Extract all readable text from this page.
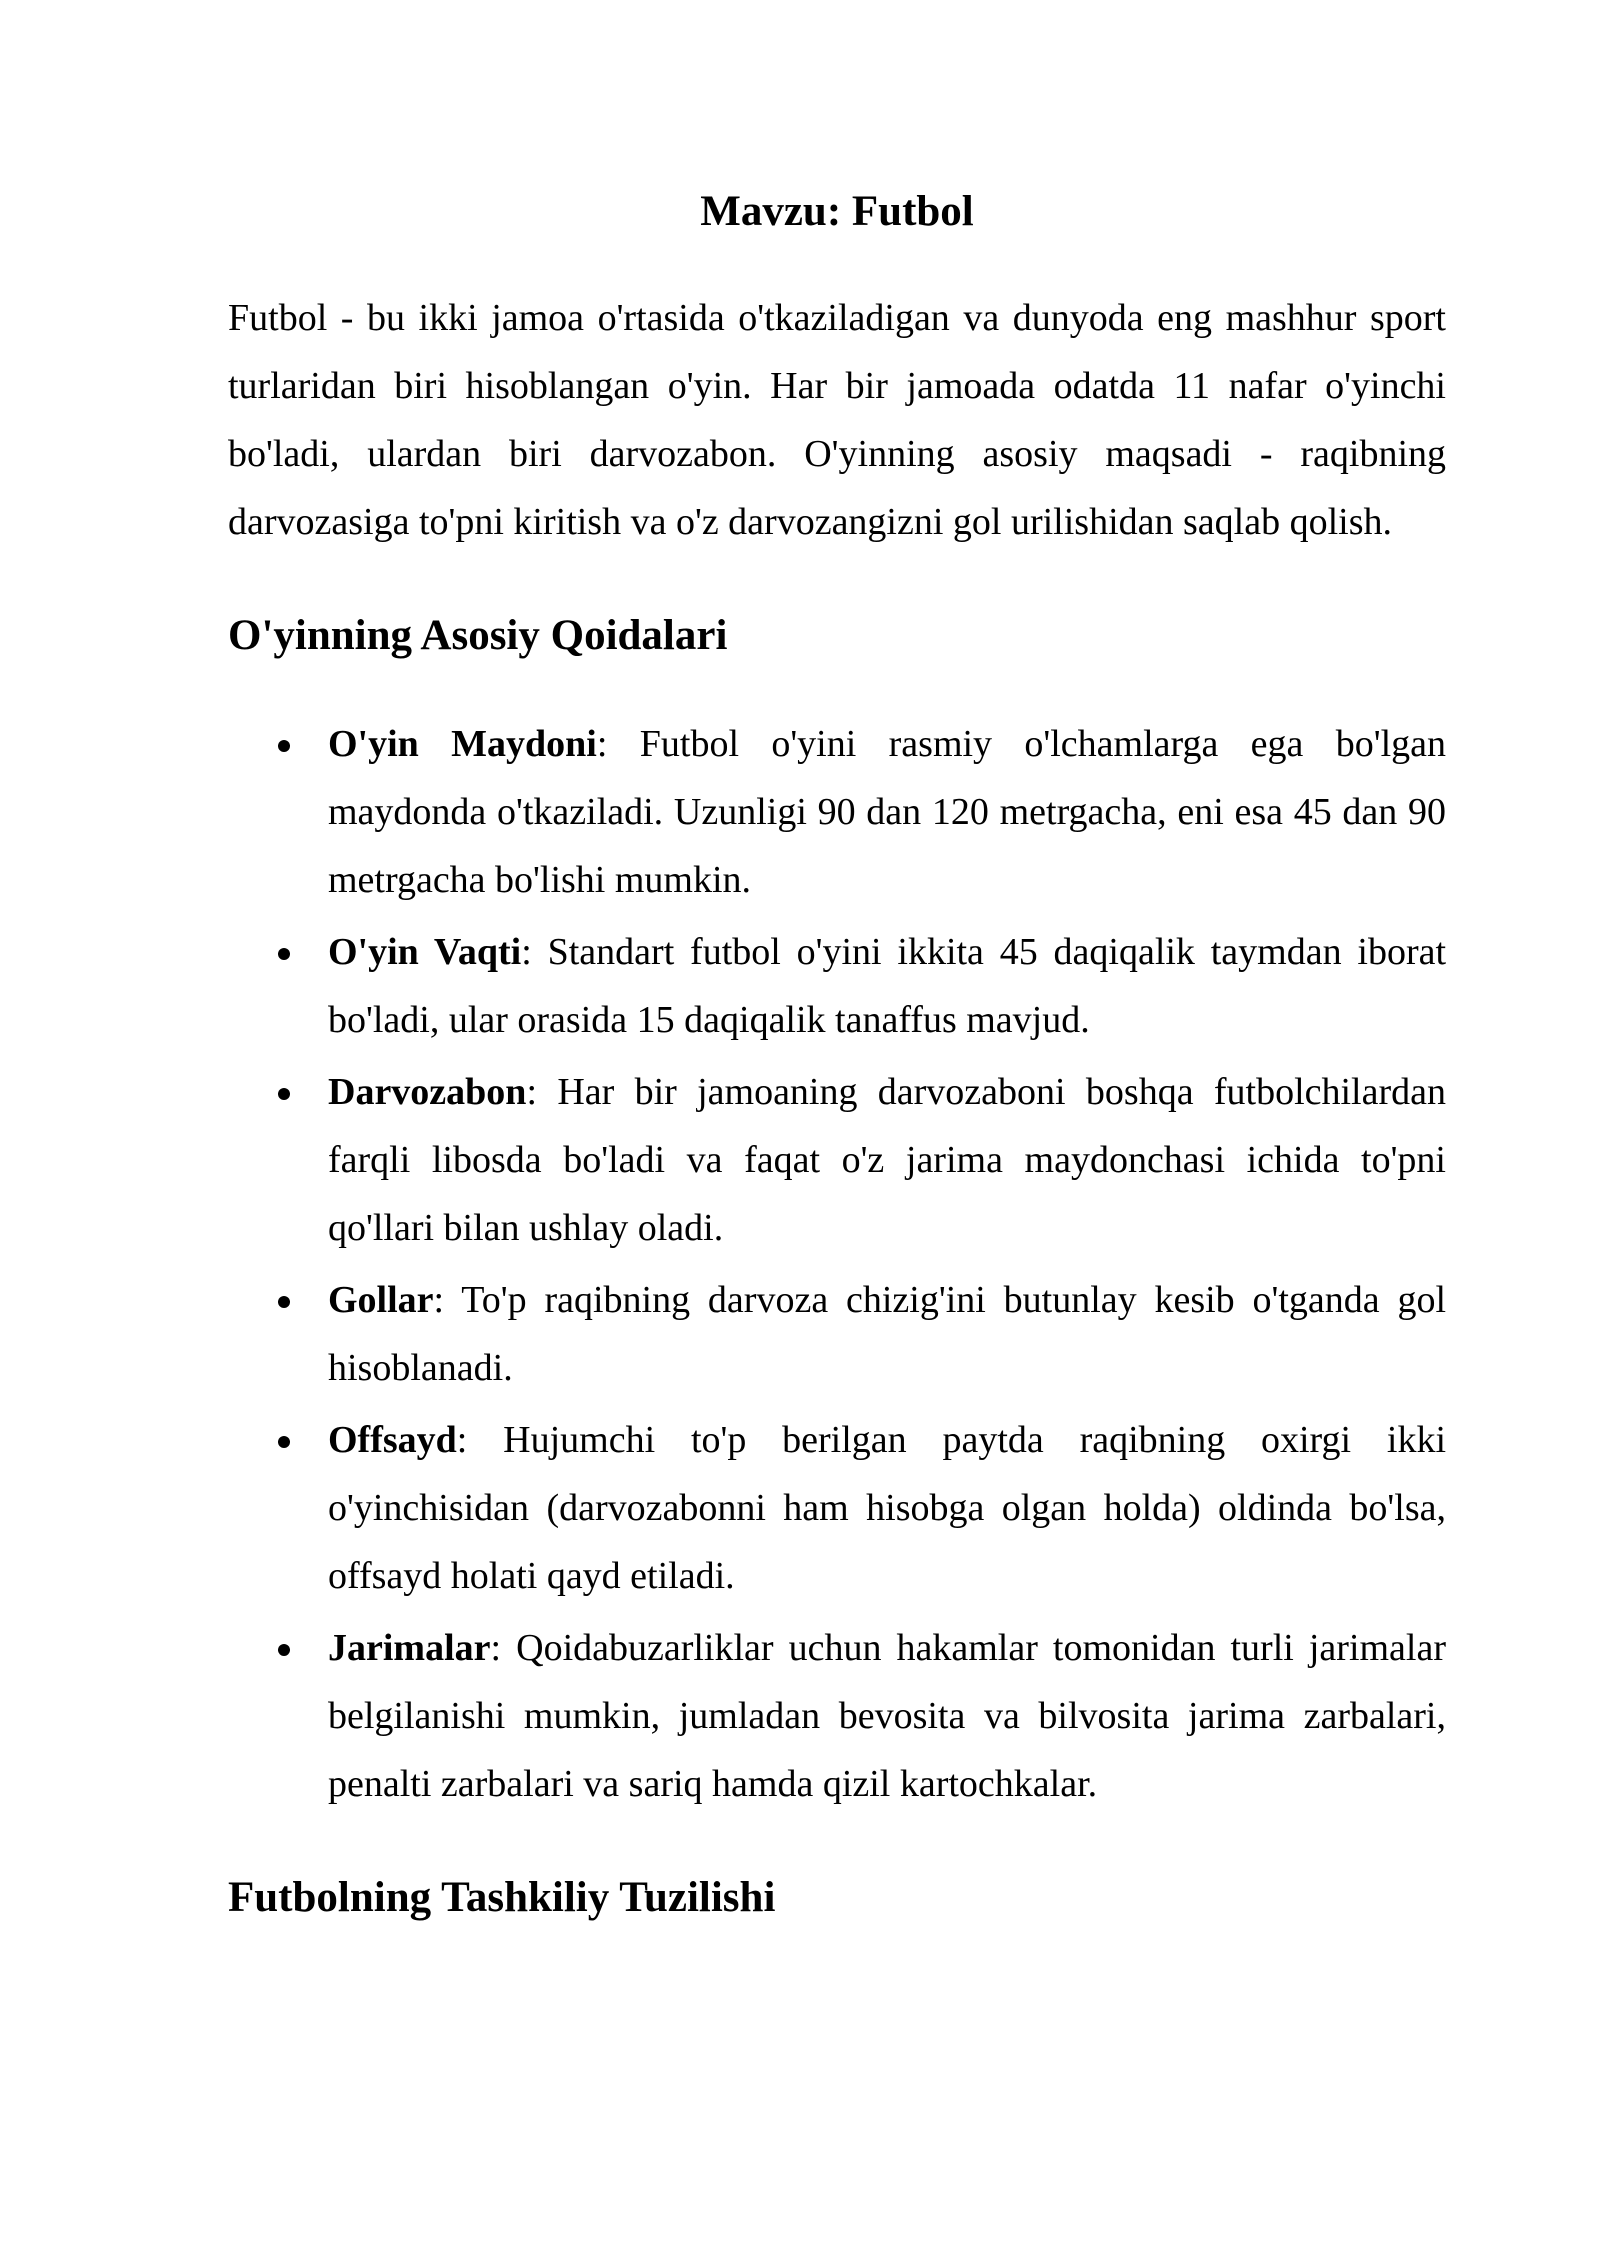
Mavzu: Futbol

Futbol - bu ikki jamoa o'rtasida o'tkaziladigan va dunyoda eng mashhur sport turlaridan biri hisoblangan o'yin. Har bir jamoada odatda 11 nafar o'yinchi bo'ladi, ulardan biri darvozabon. O'yinning asosiy maqsadi - raqibning darvozasiga to'pni kiritish va o'z darvozangizni gol urilishidan saqlab qolish.

O'yinning Asosiy Qoidalari
O'yin Maydoni: Futbol o'yini rasmiy o'lchamlarga ega bo'lgan maydonda o'tkaziladi. Uzunligi 90 dan 120 metrgacha, eni esa 45 dan 90 metrgacha bo'lishi mumkin.
O'yin Vaqti: Standart futbol o'yini ikkita 45 daqiqalik taymdan iborat bo'ladi, ular orasida 15 daqiqalik tanaffus mavjud.
Darvozabon: Har bir jamoaning darvozaboni boshqa futbolchilardan farqli libosda bo'ladi va faqat o'z jarima maydonchasi ichida to'pni qo'llari bilan ushlay oladi.
Gollar: To'p raqibning darvoza chizig'ini butunlay kesib o'tganda gol hisoblanadi.
Offsayd: Hujumchi to'p berilgan paytda raqibning oxirgi ikki o'yinchisidan (darvozabonni ham hisobga olgan holda) oldinda bo'lsa, offsayd holati qayd etiladi.
Jarimalar: Qoidabuzarliklar uchun hakamlar tomonidan turli jarimalar belgilanishi mumkin, jumladan bevosita va bilvosita jarima zarbalari, penalti zarbalari va sariq hamda qizil kartochkalar.
Futbolning Tashkiliy Tuzilishi
